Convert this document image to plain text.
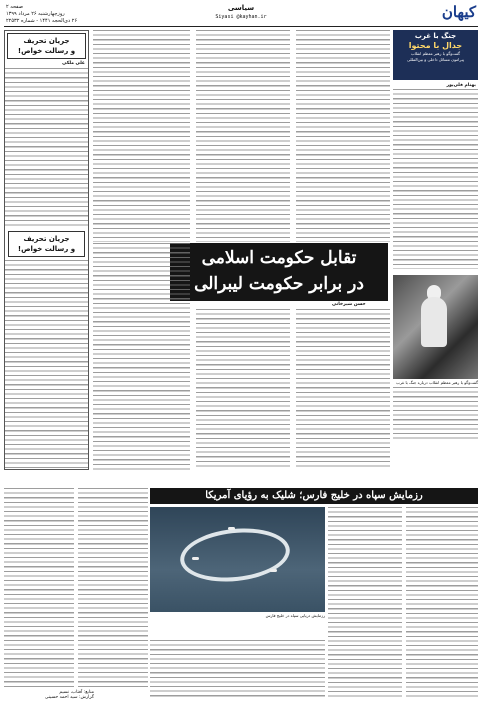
کیهان
سیاسی
Siyasi @kayhan.ir
صفحه ۲
روزچهارشنبه ۲۶ مرداد ۱۳۹۹
۲۶ ذی‌الحجه ۱۴۴۱ - شماره ۲۲۵۳۲
جنگ با غرب
جدال با محتوا
گفت‌وگو با رهبر معظم انقلاب
پیرامون مسائل داخلی و بین‌المللی
بهنام قلی‌پور
گفت‌وگو با رهبر معظم انقلاب درباره جنگ با غرب
جریان تحریف
و رسالت خواص!
علی ملکی
جریان تحریف
و رسالت خواص!	تقابل حکومت اسلامی
در برابر حکومت لیبرالی
حسن شیرخانی
رزمایش سپاه در خلیج فارس؛ شلیک به رؤیای آمریکا
رزمایش دریایی سپاه در خلیج فارس
منابع: آفتاب، نسیم
گزارش: سید احمد حسینی
